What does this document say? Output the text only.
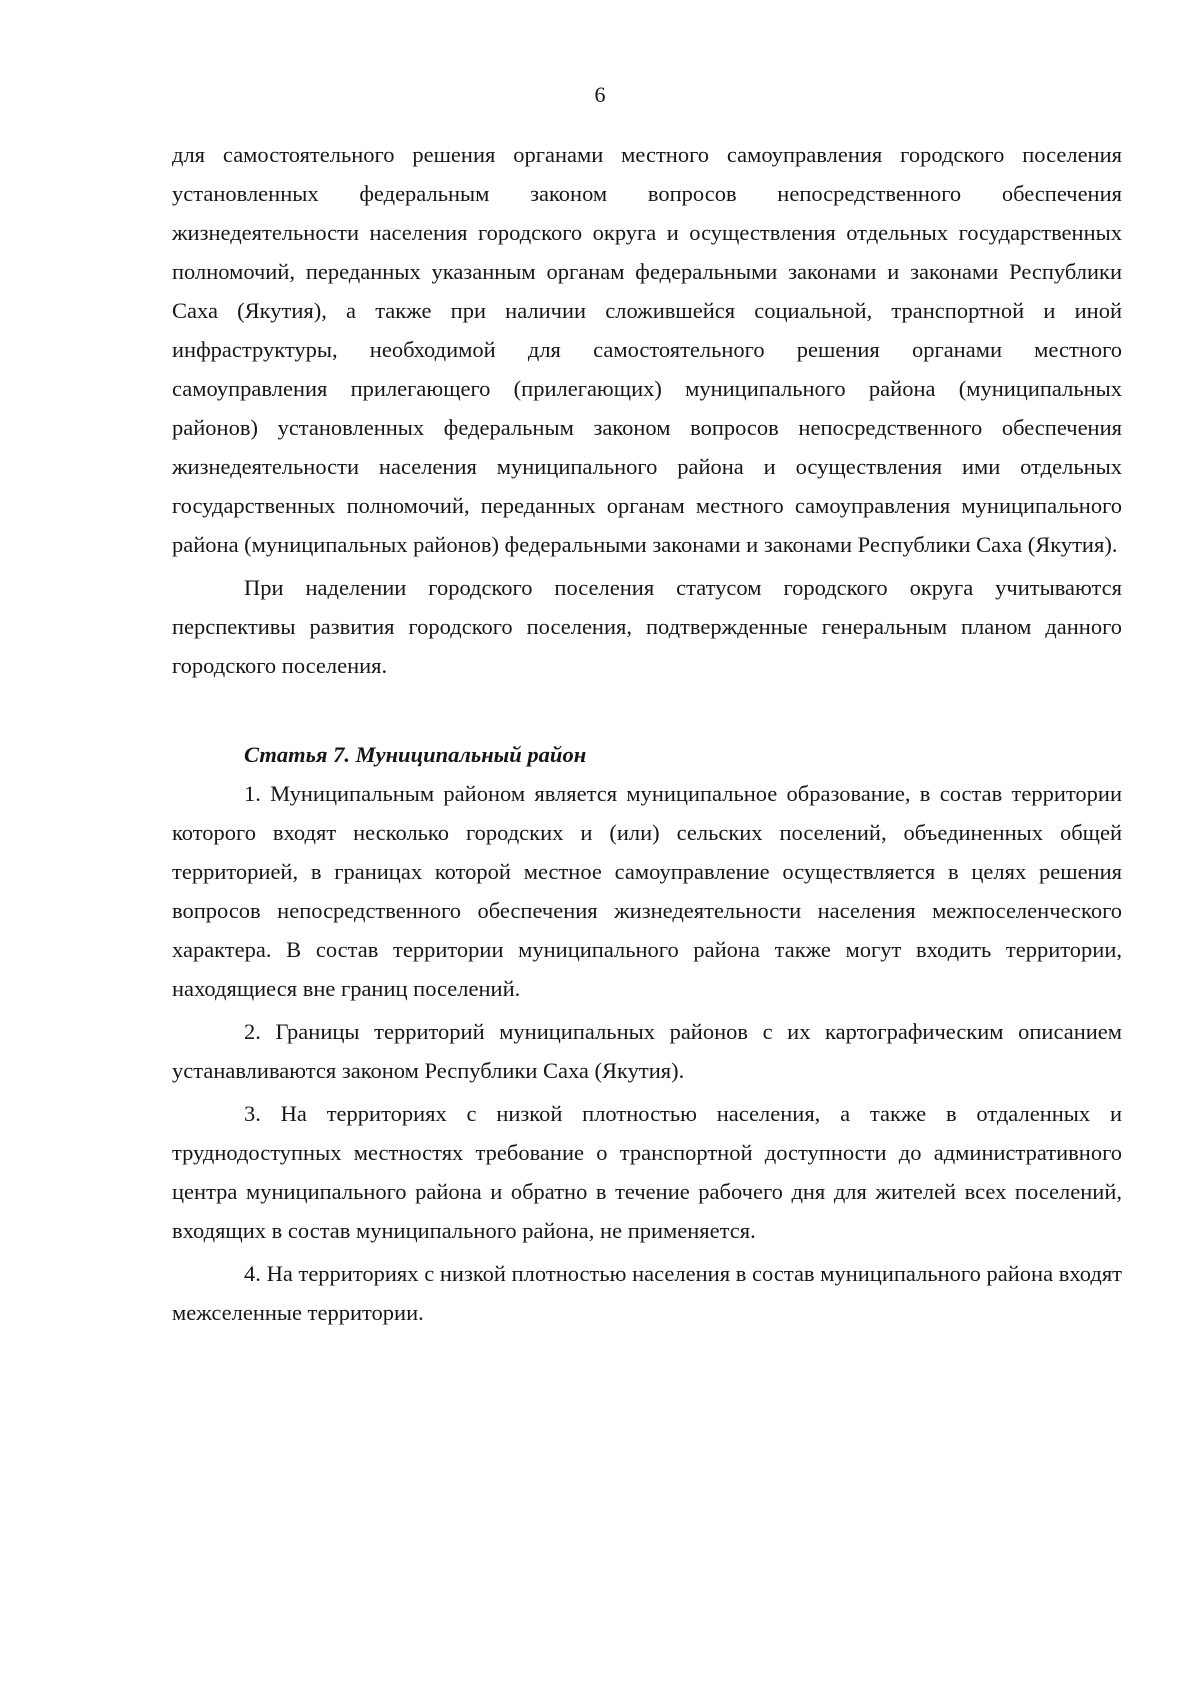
6

для самостоятельного решения органами местного самоуправления городского поселения установленных федеральным законом вопросов непосредственного обеспечения жизнедеятельности населения городского округа и осуществления отдельных государственных полномочий, переданных указанным органам федеральными законами и законами Республики Саха (Якутия), а также при наличии сложившейся социальной, транспортной и иной инфраструктуры, необходимой для самостоятельного решения органами местного самоуправления прилегающего (прилегающих) муниципального района (муниципальных районов) установленных федеральным законом вопросов непосредственного обеспечения жизнедеятельности населения муниципального района и осуществления ими отдельных государственных полномочий, переданных органам местного самоуправления муниципального района (муниципальных районов) федеральными законами и законами Республики Саха (Якутия).

При наделении городского поселения статусом городского округа учитываются перспективы развития городского поселения, подтвержденные генеральным планом данного городского поселения.

Статья 7. Муниципальный район

1. Муниципальным районом является муниципальное образование, в состав территории которого входят несколько городских и (или) сельских поселений, объединенных общей территорией, в границах которой местное самоуправление осуществляется в целях решения вопросов непосредственного обеспечения жизнедеятельности населения межпоселенческого характера. В состав территории муниципального района также могут входить территории, находящиеся вне границ поселений.

2. Границы территорий муниципальных районов с их картографическим описанием устанавливаются законом Республики Саха (Якутия).

3. На территориях с низкой плотностью населения, а также в отдаленных и труднодоступных местностях требование о транспортной доступности до административного центра муниципального района и обратно в течение рабочего дня для жителей всех поселений, входящих в состав муниципального района, не применяется.

4. На территориях с низкой плотностью населения в состав муниципального района входят межселенные территории.
